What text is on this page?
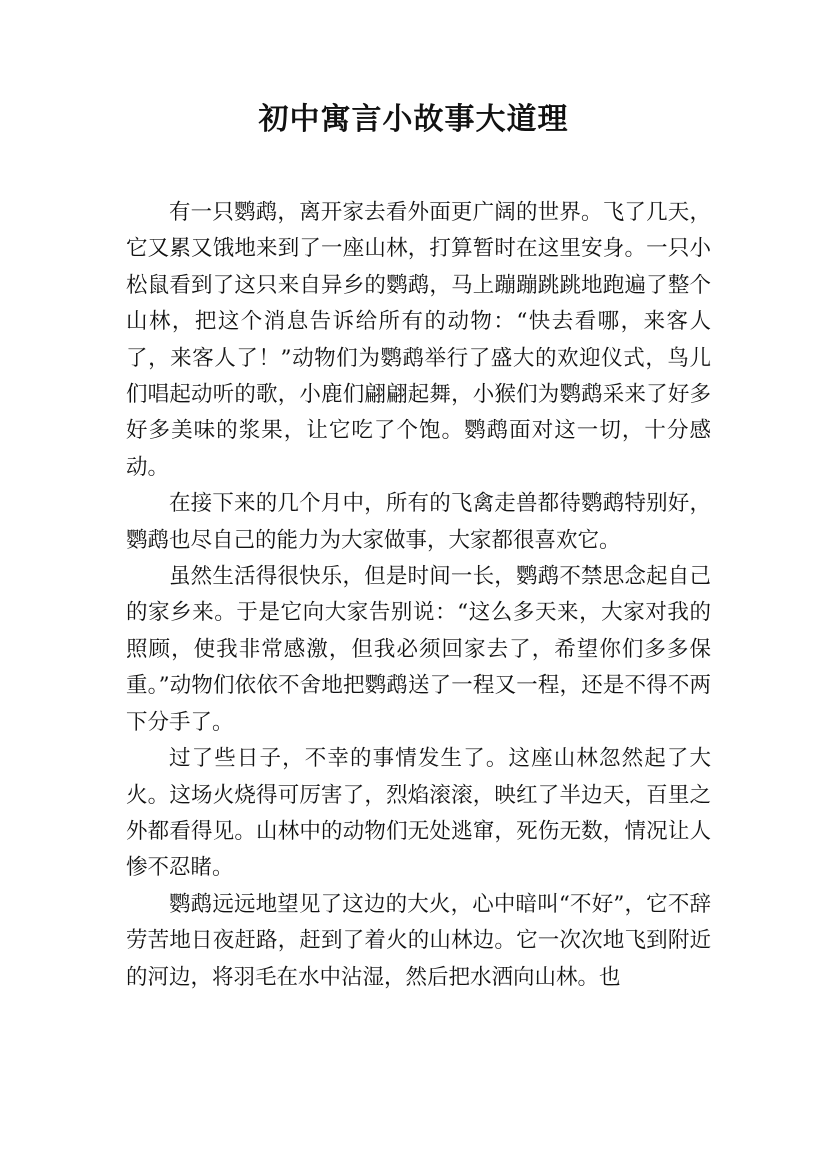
初中寓言小故事大道理

有一只鹦鹉，离开家去看外面更广阔的世界。飞了几天，它又累又饿地来到了一座山林，打算暂时在这里安身。一只小松鼠看到了这只来自异乡的鹦鹉，马上蹦蹦跳跳地跑遍了整个山林，把这个消息告诉给所有的动物：“快去看哪，来客人了，来客人了！”动物们为鹦鹉举行了盛大的欢迎仪式，鸟儿们唱起动听的歌，小鹿们翩翩起舞，小猴们为鹦鹉采来了好多好多美味的浆果，让它吃了个饱。鹦鹉面对这一切，十分感动。

在接下来的几个月中，所有的飞禽走兽都待鹦鹉特别好，鹦鹉也尽自己的能力为大家做事，大家都很喜欢它。

虽然生活得很快乐，但是时间一长，鹦鹉不禁思念起自己的家乡来。于是它向大家告别说：“这么多天来，大家对我的照顾，使我非常感激，但我必须回家去了，希望你们多多保重。”动物们依依不舍地把鹦鹉送了一程又一程，还是不得不两下分手了。

过了些日子，不幸的事情发生了。这座山林忽然起了大火。这场火烧得可厉害了，烈焰滚滚，映红了半边天，百里之外都看得见。山林中的动物们无处逃窜，死伤无数，情况让人惨不忍睹。

鹦鹉远远地望见了这边的大火，心中暗叫“不好”，它不辞劳苦地日夜赶路，赶到了着火的山林边。它一次次地飞到附近的河边，将羽毛在水中沾湿，然后把水洒向山林。也
